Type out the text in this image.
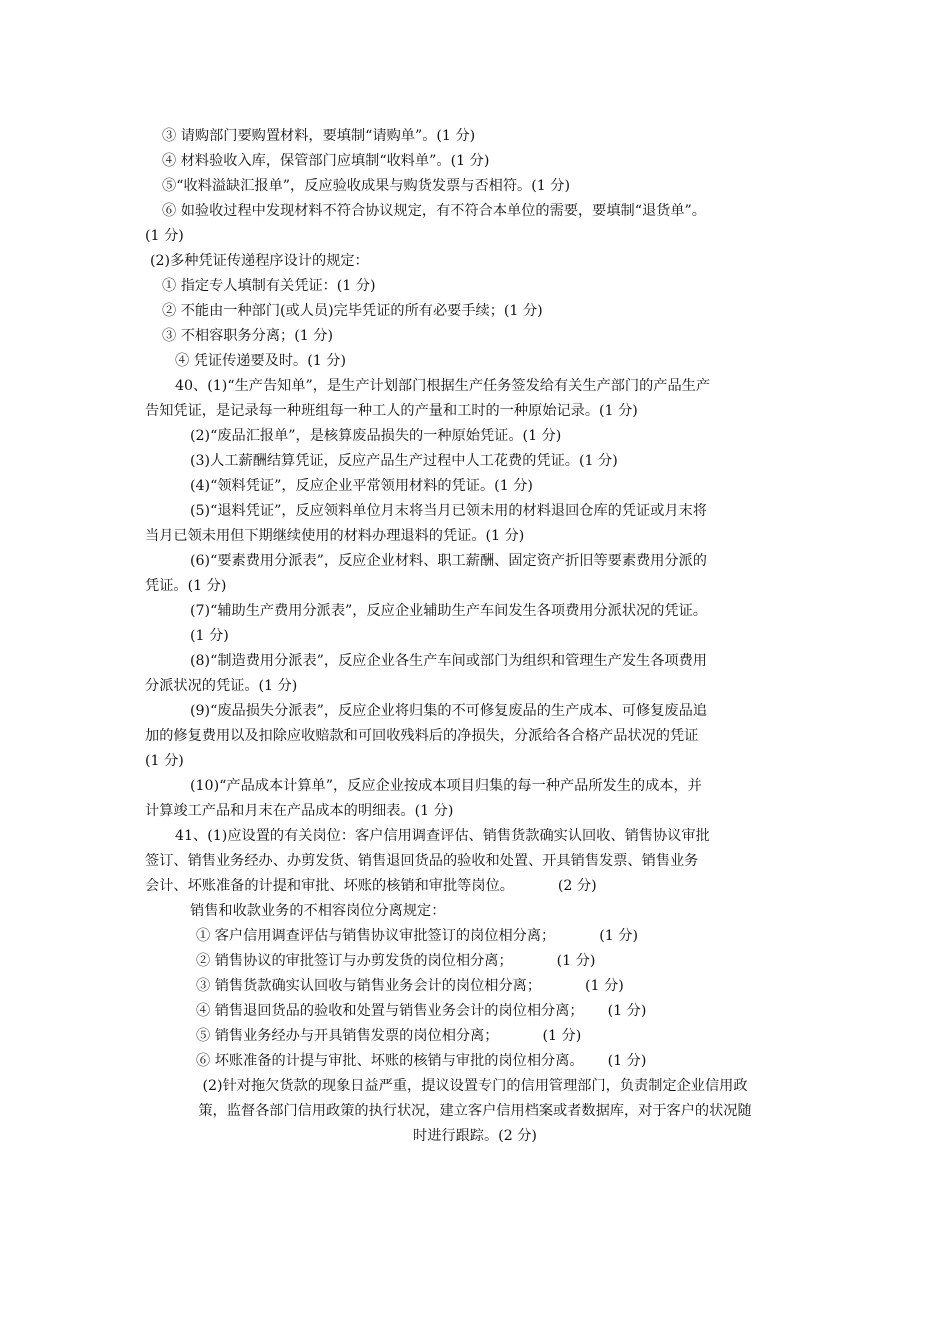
③ 请购部门要购置材料，要填制“请购单”。(1 分)
④ 材料验收入库，保管部门应填制“收料单”。(1 分)
⑤“收料溢缺汇报单”，反应验收成果与购货发票与否相符。(1 分)
⑥ 如验收过程中发现材料不符合协议规定，有不符合本单位的需要，要填制“退货单”。
(1 分)
(2)多种凭证传递程序设计的规定：
① 指定专人填制有关凭证：(1 分)
② 不能由一种部门(或人员)完毕凭证的所有必要手续；(1 分)
③ 不相容职务分离；(1 分)
④ 凭证传递要及时。(1 分)
40、(1)“生产告知单”，是生产计划部门根据生产任务签发给有关生产部门的产品生产
告知凭证，是记录每一种班组每一种工人的产量和工时的一种原始记录。(1 分)
(2)“废品汇报单”，是核算废品损失的一种原始凭证。(1 分)
(3)人工薪酬结算凭证，反应产品生产过程中人工花费的凭证。(1 分)
(4)“领料凭证”，反应企业平常领用材料的凭证。(1 分)
(5)“退料凭证”，反应领料单位月末将当月已领未用的材料退回仓库的凭证或月末将
当月已领未用但下期继续使用的材料办理退料的凭证。(1 分)
(6)“要素费用分派表”，反应企业材料、职工薪酬、固定资产折旧等要素费用分派的
凭证。(1 分)
(7)“辅助生产费用分派表”，反应企业辅助生产车间发生各项费用分派状况的凭证。
(1 分)
(8)“制造费用分派表”，反应企业各生产车间或部门为组织和管理生产发生各项费用
分派状况的凭证。(1 分)
(9)“废品损失分派表”，反应企业将归集的不可修复废品的生产成本、可修复废品追
加的修复费用以及扣除应收赔款和可回收残料后的净损失，分派给各合格产品状况的凭证
(1 分)
(10)“产品成本计算单”，反应企业按成本项目归集的每一种产品所发生的成本，并
计算竣工产品和月末在产品成本的明细表。(1 分)
41、(1)应设置的有关岗位：客户信用调查评估、销售货款确实认回收、销售协议审批
签订、销售业务经办、办剪发货、销售退回货品的验收和处置、开具销售发票、销售业务
会计、坏账准备的计提和审批、坏账的核销和审批等岗位。	(2 分)
销售和收款业务的不相容岗位分离规定：
① 客户信用调查评估与销售协议审批签订的岗位相分离；	(1 分)
② 销售协议的审批签订与办剪发货的岗位相分离；	(1 分)
③ 销售货款确实认回收与销售业务会计的岗位相分离；	(1 分)
④ 销售退回货品的验收和处置与销售业务会计的岗位相分离； (1 分)
⑤ 销售业务经办与开具销售发票的岗位相分离；	(1 分)
⑥ 坏账准备的计提与审批、坏账的核销与审批的岗位相分离。 (1 分)
(2)针对拖欠货款的现象日益严重，提议设置专门的信用管理部门，负责制定企业信用政
策，监督各部门信用政策的执行状况，建立客户信用档案或者数据库，对于客户的状况随
时进行跟踪。(2 分)
